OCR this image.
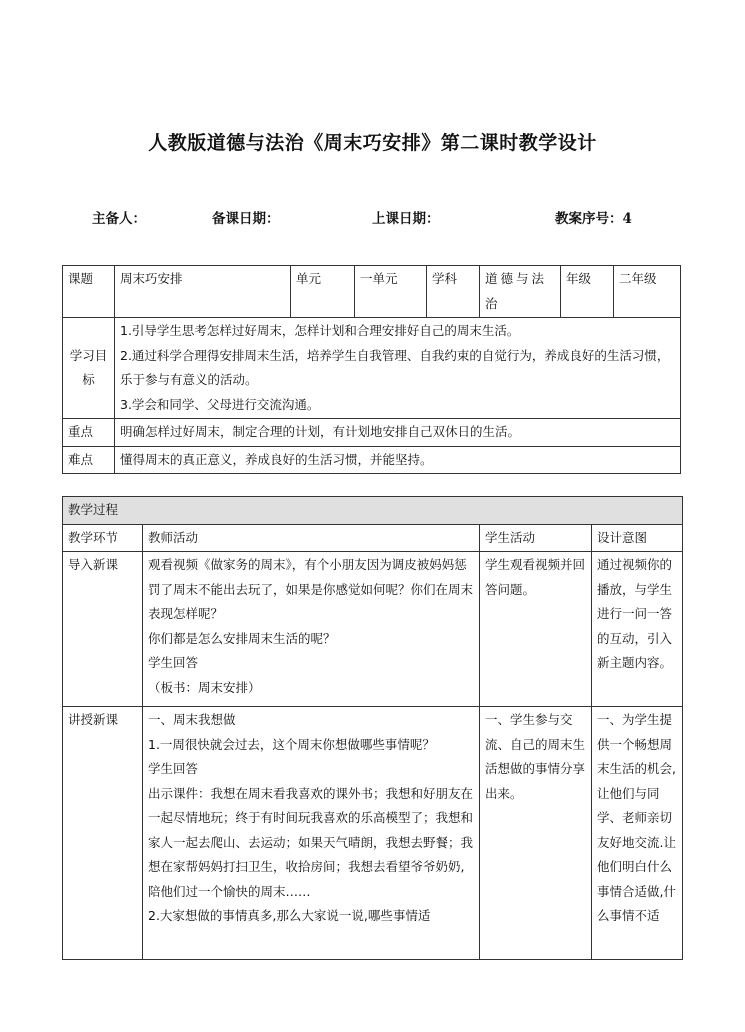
人教版道德与法治《周末巧安排》第二课时教学设计
主备人：	备课日期：	上课日期：	教案序号：4
课题	周末巧安排	单元	一单元	学科	道德与法治	年级	二年级
学习目标	1.引导学生思考怎样过好周末，怎样计划和合理安排好自己的周末生活。

2.通过科学合理得安排周末生活，培养学生自我管理、自我约束的自觉行为，养成良好的生活习惯，乐于参与有意义的活动。

3.学会和同学、父母进行交流沟通。						

重点	明确怎样过好周末，制定合理的计划，有计划地安排自己双休日的生活。						
难点	懂得周末的真正意义，养成良好的生活习惯，并能坚持。						
教学过程			
教学环节	教师活动	学生活动	设计意图
导入新课	观看视频《做家务的周末》，有个小朋友因为调皮被妈妈惩罚了周末不能出去玩了，如果是你感觉如何呢？你们在周末表现怎样呢？

你们都是怎么安排周末生活的呢？

学生回答

（板书：周末安排）	学生观看视频并回答问题。	通过视频你的播放，与学生进行一问一答的互动，引入新主题内容。
讲授新课	一、周末我想做

1.一周很快就会过去，这个周末你想做哪些事情呢？

学生回答

出示课件：我想在周末看我喜欢的课外书；我想和好朋友在一起尽情地玩；终于有时间玩我喜欢的乐高模型了；我想和家人一起去爬山、去运动；如果天气晴朗，我想去野餐；我想在家帮妈妈打扫卫生，收拾房间；我想去看望爷爷奶奶,陪他们过一个愉快的周末……

2.大家想做的事情真多,那么大家说一说,哪些事情适	一、学生参与交流、自己的周末生活想做的事情分享出来。	一、为学生提供一个畅想周末生活的机会,让他们与同学、老师亲切友好地交流.让他们明白什么事情合适做,什么事情不适
